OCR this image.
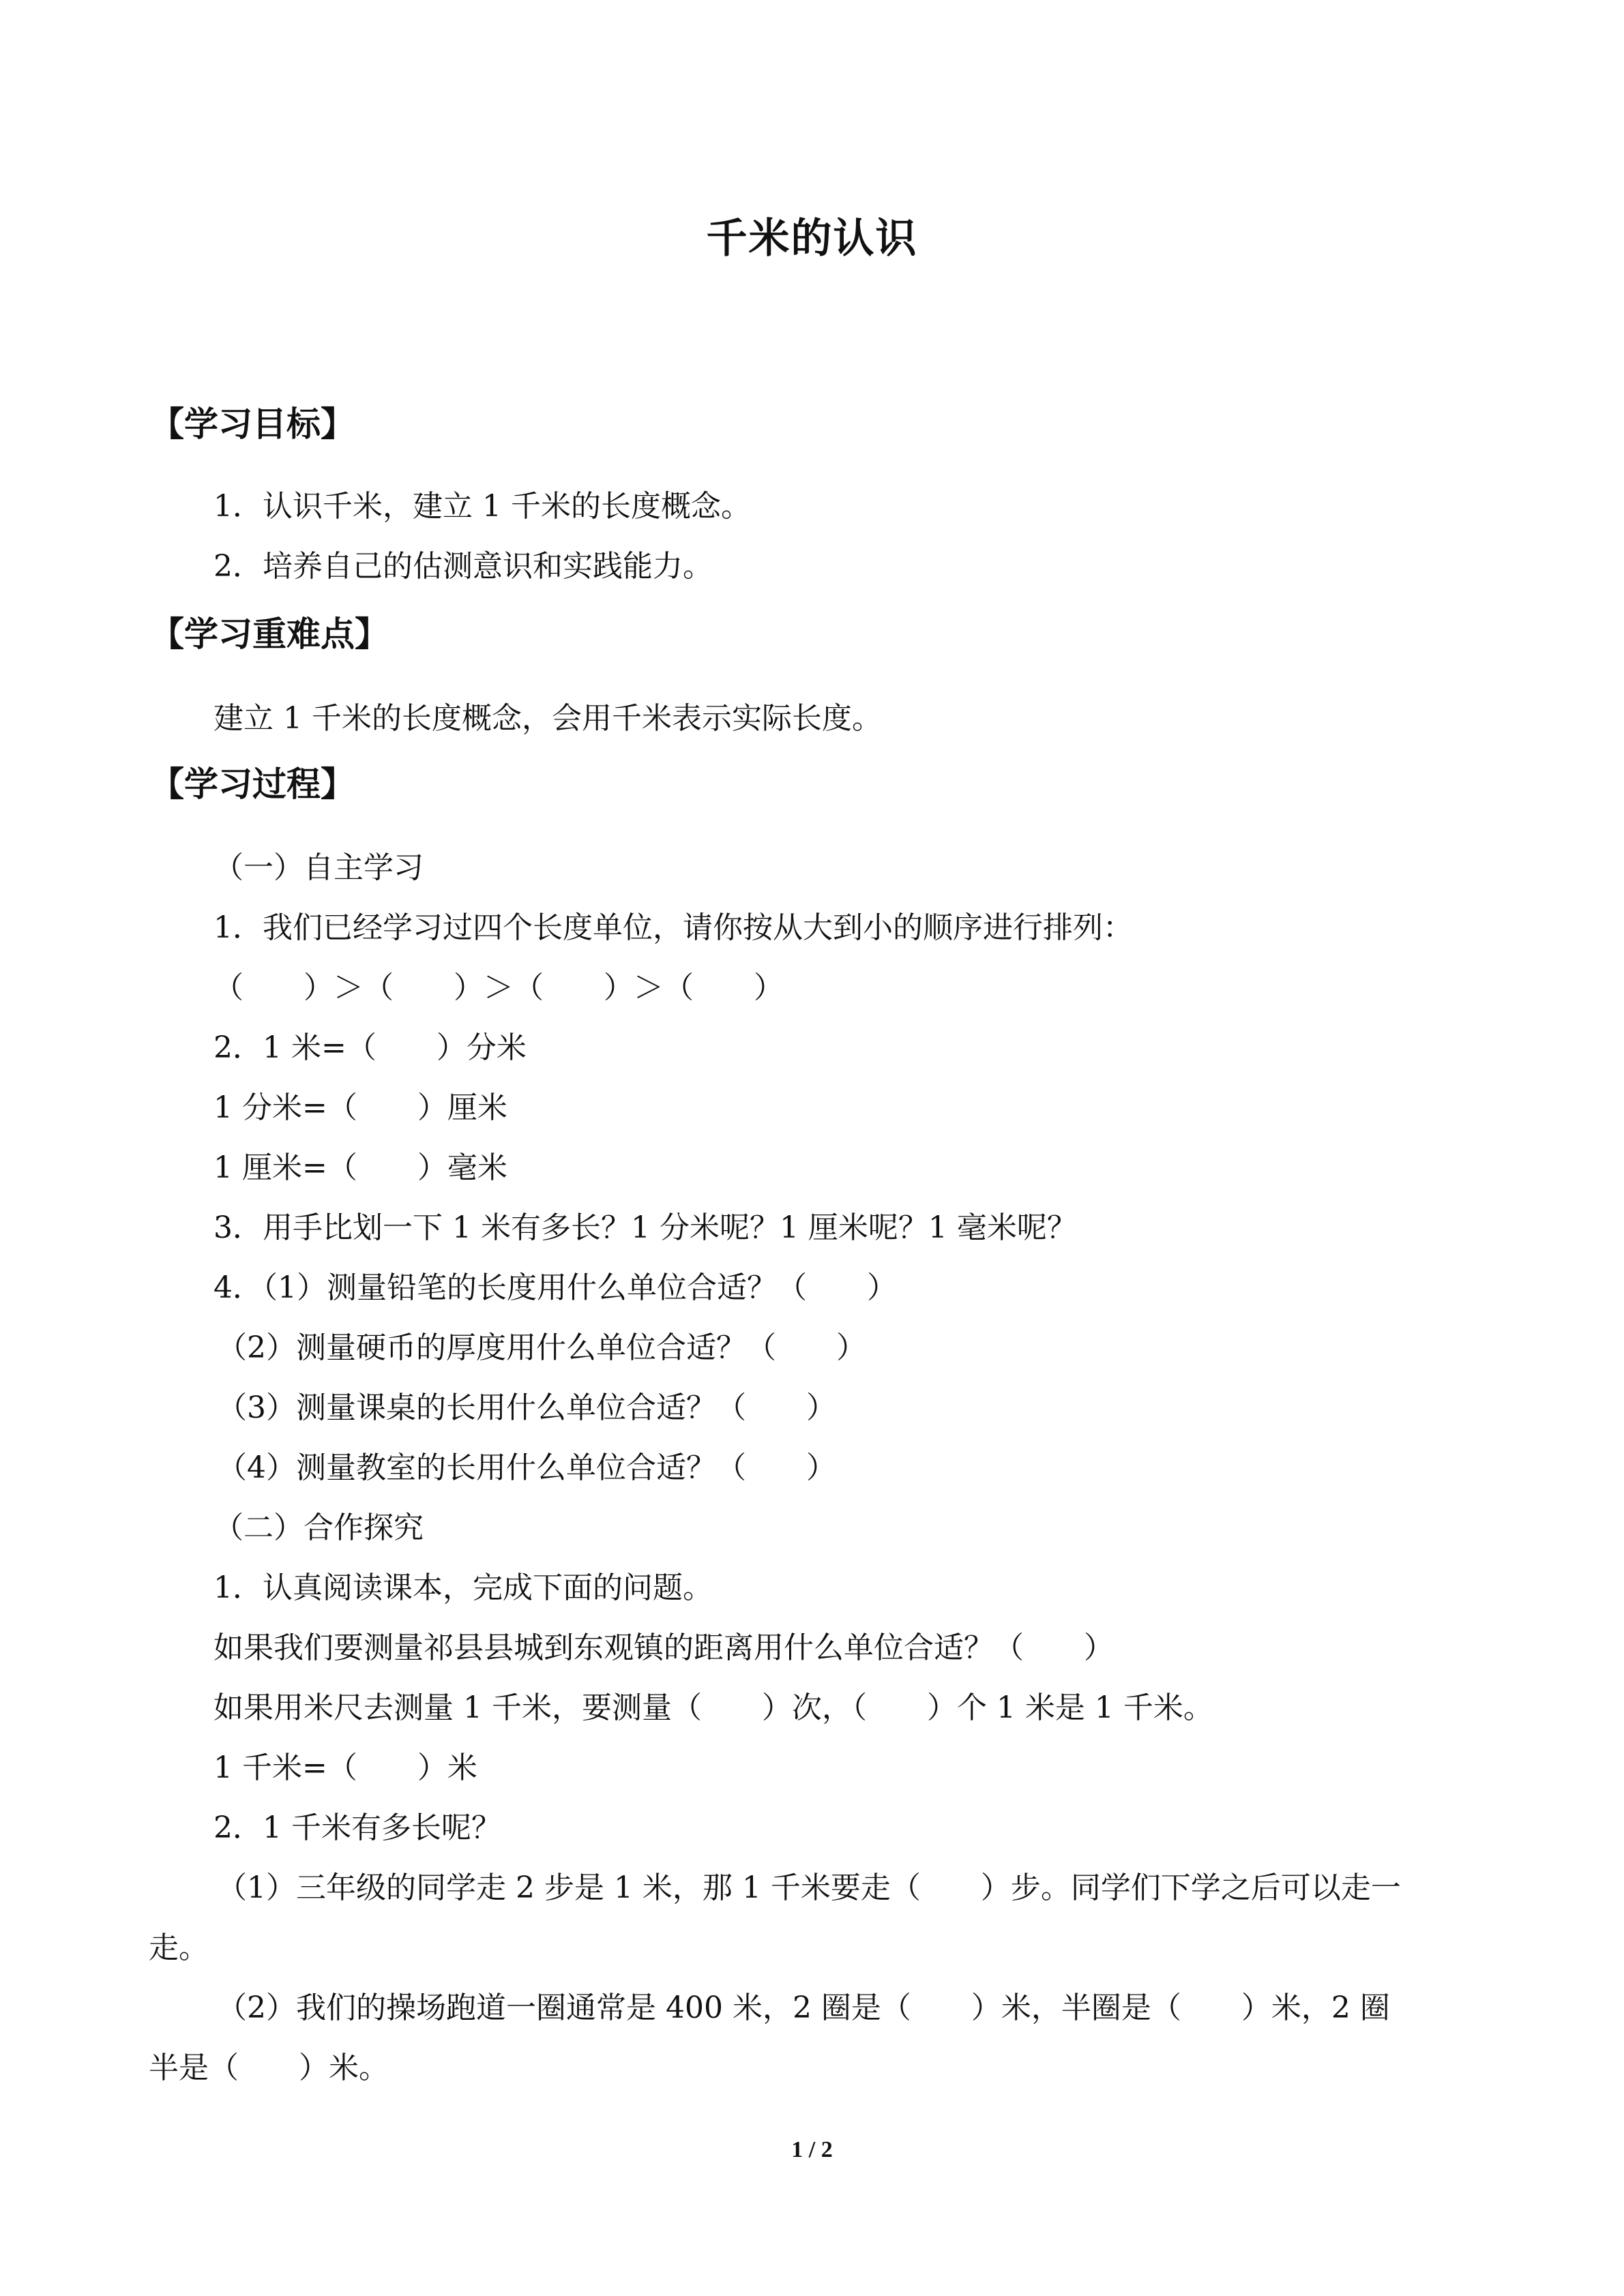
千米的认识
【学习目标】
1．认识千米，建立 1 千米的长度概念。
2．培养自己的估测意识和实践能力。
【学习重难点】
建立 1 千米的长度概念，会用千米表示实际长度。
【学习过程】
（一）自主学习
1．我们已经学习过四个长度单位，请你按从大到小的顺序进行排列：
（　　）＞（　　）＞（　　）＞（　　）
2．1 米=（　　）分米
1 分米=（　　）厘米
1 厘米=（　　）毫米
3．用手比划一下 1 米有多长？1 分米呢？1 厘米呢？1 毫米呢？
4．（1）测量铅笔的长度用什么单位合适？（　　）
（2）测量硬币的厚度用什么单位合适？（　　）
（3）测量课桌的长用什么单位合适？（　　）
（4）测量教室的长用什么单位合适？（　　）
（二）合作探究
1．认真阅读课本，完成下面的问题。
如果我们要测量祁县县城到东观镇的距离用什么单位合适？（　　）
如果用米尺去测量 1 千米，要测量（　　）次，（　　）个 1 米是 1 千米。
1 千米=（　　）米
2．1 千米有多长呢？
（1）三年级的同学走 2 步是 1 米，那 1 千米要走（　　）步。同学们下学之后可以走一
走。
（2）我们的操场跑道一圈通常是 400 米，2 圈是（　　）米，半圈是（　　）米，2 圈
半是（　　）米。
1 / 2
